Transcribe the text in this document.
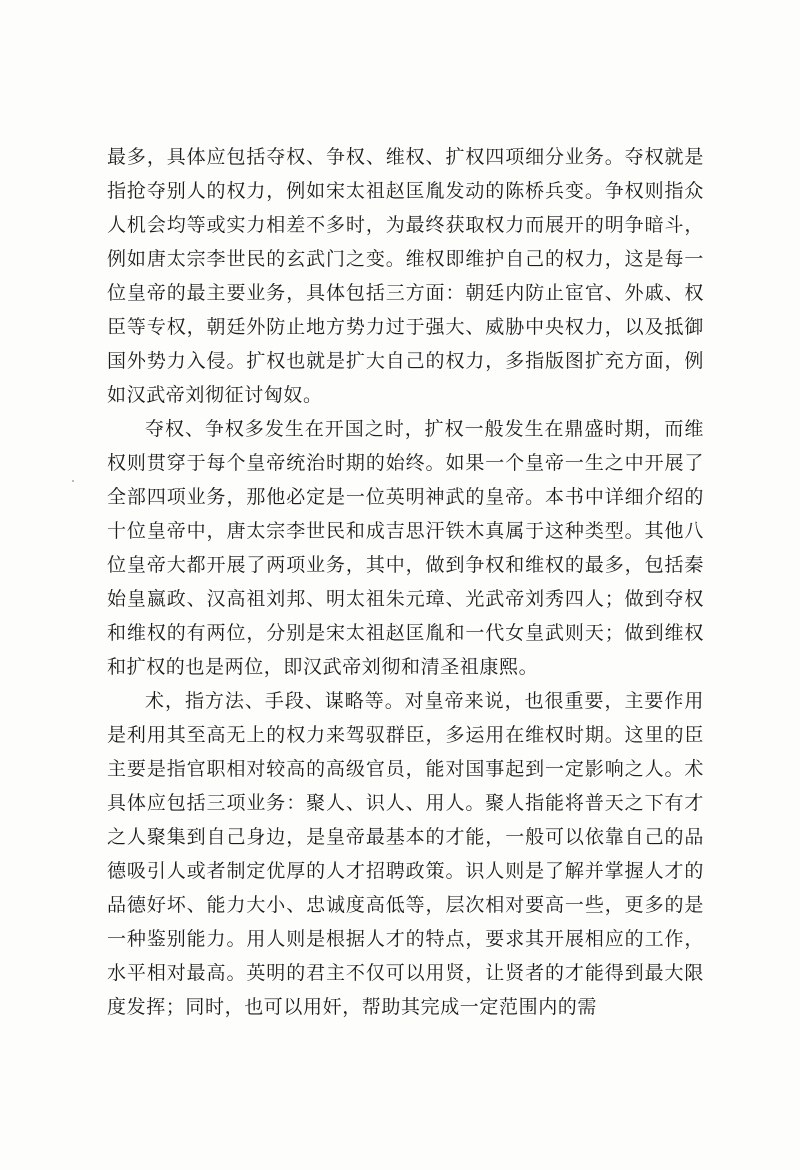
最多，具体应包括夺权、争权、维权、扩权四项细分业务。夺权就是指抢夺别人的权力，例如宋太祖赵匡胤发动的陈桥兵变。争权则指众人机会均等或实力相差不多时，为最终获取权力而展开的明争暗斗，例如唐太宗李世民的玄武门之变。维权即维护自己的权力，这是每一位皇帝的最主要业务，具体包括三方面：朝廷内防止宦官、外戚、权臣等专权，朝廷外防止地方势力过于强大、威胁中央权力，以及抵御国外势力入侵。扩权也就是扩大自己的权力，多指版图扩充方面，例如汉武帝刘彻征讨匈奴。

夺权、争权多发生在开国之时，扩权一般发生在鼎盛时期，而维权则贯穿于每个皇帝统治时期的始终。如果一个皇帝一生之中开展了全部四项业务，那他必定是一位英明神武的皇帝。本书中详细介绍的十位皇帝中，唐太宗李世民和成吉思汗铁木真属于这种类型。其他八位皇帝大都开展了两项业务，其中，做到争权和维权的最多，包括秦始皇嬴政、汉高祖刘邦、明太祖朱元璋、光武帝刘秀四人；做到夺权和维权的有两位，分别是宋太祖赵匡胤和一代女皇武则天；做到维权和扩权的也是两位，即汉武帝刘彻和清圣祖康熙。

术，指方法、手段、谋略等。对皇帝来说，也很重要，主要作用是利用其至高无上的权力来驾驭群臣，多运用在维权时期。这里的臣主要是指官职相对较高的高级官员，能对国事起到一定影响之人。术具体应包括三项业务：聚人、识人、用人。聚人指能将普天之下有才之人聚集到自己身边，是皇帝最基本的才能，一般可以依靠自己的品德吸引人或者制定优厚的人才招聘政策。识人则是了解并掌握人才的品德好坏、能力大小、忠诚度高低等，层次相对要高一些，更多的是一种鉴别能力。用人则是根据人才的特点，要求其开展相应的工作，水平相对最高。英明的君主不仅可以用贤，让贤者的才能得到最大限度发挥；同时，也可以用奸，帮助其完成一定范围内的需
